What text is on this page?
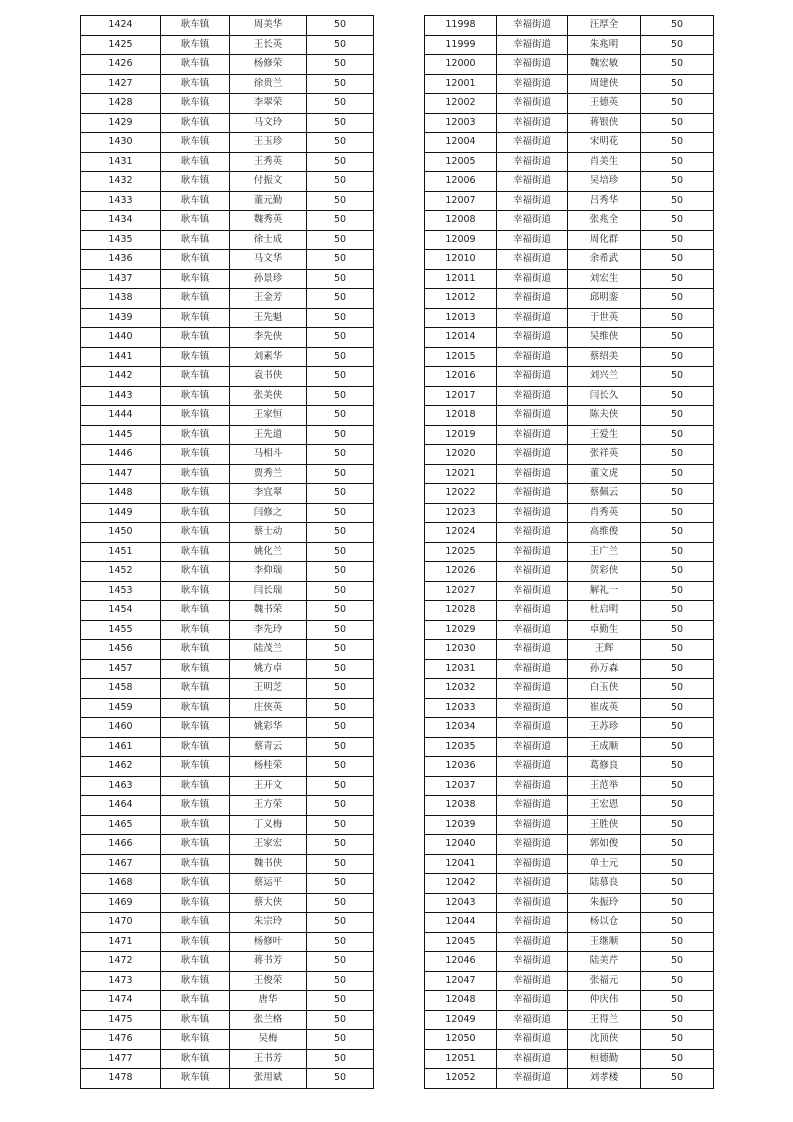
1424	耿车镇	周美华	50
1425	耿车镇	王长英	50
1426	耿车镇	杨修荣	50
1427	耿车镇	徐贵兰	50
1428	耿车镇	李翠荣	50
1429	耿车镇	马文玲	50
1430	耿车镇	王玉珍	50
1431	耿车镇	王秀英	50
1432	耿车镇	付振文	50
1433	耿车镇	董元勤	50
1434	耿车镇	魏秀英	50
1435	耿车镇	徐士成	50
1436	耿车镇	马文华	50
1437	耿车镇	孙景珍	50
1438	耿车镇	王金芳	50
1439	耿车镇	王先魁	50
1440	耿车镇	李先侠	50
1441	耿车镇	刘素华	50
1442	耿车镇	袁书侠	50
1443	耿车镇	张美侠	50
1444	耿车镇	王家恒	50
1445	耿车镇	王先道	50
1446	耿车镇	马相斗	50
1447	耿车镇	贾秀兰	50
1448	耿车镇	李宜翠	50
1449	耿车镇	闫修之	50
1450	耿车镇	蔡士动	50
1451	耿车镇	姚化兰	50
1452	耿车镇	李仰瑞	50
1453	耿车镇	闫长瑞	50
1454	耿车镇	魏书荣	50
1455	耿车镇	李先玲	50
1456	耿车镇	陆茂兰	50
1457	耿车镇	姚方卓	50
1458	耿车镇	王明芝	50
1459	耿车镇	庄侠英	50
1460	耿车镇	姚彩华	50
1461	耿车镇	蔡青云	50
1462	耿车镇	杨桂荣	50
1463	耿车镇	王开文	50
1464	耿车镇	王方荣	50
1465	耿车镇	丁义梅	50
1466	耿车镇	王家宏	50
1467	耿车镇	魏书侠	50
1468	耿车镇	蔡运平	50
1469	耿车镇	蔡大侠	50
1470	耿车镇	朱宗玲	50
1471	耿车镇	杨修叶	50
1472	耿车镇	蒋书芳	50
1473	耿车镇	王俊荣	50
1474	耿车镇	唐华	50
1475	耿车镇	张兰格	50
1476	耿车镇	吴梅	50
1477	耿车镇	王书芳	50
1478	耿车镇	张用斌	50
11998	幸福街道	汪厚全	50
11999	幸福街道	朱兆明	50
12000	幸福街道	魏宏敏	50
12001	幸福街道	周建侠	50
12002	幸福街道	王德英	50
12003	幸福街道	蒋银侠	50
12004	幸福街道	宋明花	50
12005	幸福街道	肖美生	50
12006	幸福街道	吴培珍	50
12007	幸福街道	吕秀华	50
12008	幸福街道	张兆全	50
12009	幸福街道	周化群	50
12010	幸福街道	余希武	50
12011	幸福街道	刘宏生	50
12012	幸福街道	邱明銮	50
12013	幸福街道	于世英	50
12014	幸福街道	吴维侠	50
12015	幸福街道	蔡绍美	50
12016	幸福街道	刘兴兰	50
12017	幸福街道	闫长久	50
12018	幸福街道	陈夫侠	50
12019	幸福街道	王爱生	50
12020	幸福街道	张祥英	50
12021	幸福街道	董文虎	50
12022	幸福街道	蔡佩云	50
12023	幸福街道	肖秀英	50
12024	幸福街道	高维俊	50
12025	幸福街道	王广兰	50
12026	幸福街道	贺彩侠	50
12027	幸福街道	解礼一	50
12028	幸福街道	杜启明	50
12029	幸福街道	卓勤生	50
12030	幸福街道	王辉	50
12031	幸福街道	孙万森	50
12032	幸福街道	白玉侠	50
12033	幸福街道	崔成英	50
12034	幸福街道	王苏珍	50
12035	幸福街道	王成顺	50
12036	幸福街道	葛修良	50
12037	幸福街道	王范举	50
12038	幸福街道	王宏恩	50
12039	幸福街道	王胜侠	50
12040	幸福街道	郭如俊	50
12041	幸福街道	单士元	50
12042	幸福街道	陆慕良	50
12043	幸福街道	朱振玲	50
12044	幸福街道	杨以仓	50
12045	幸福街道	王继顺	50
12046	幸福街道	陆美芹	50
12047	幸福街道	张福元	50
12048	幸福街道	仲庆伟	50
12049	幸福街道	王得兰	50
12050	幸福街道	沈顶侠	50
12051	幸福街道	桓德勤	50
12052	幸福街道	刘孝楼	50
